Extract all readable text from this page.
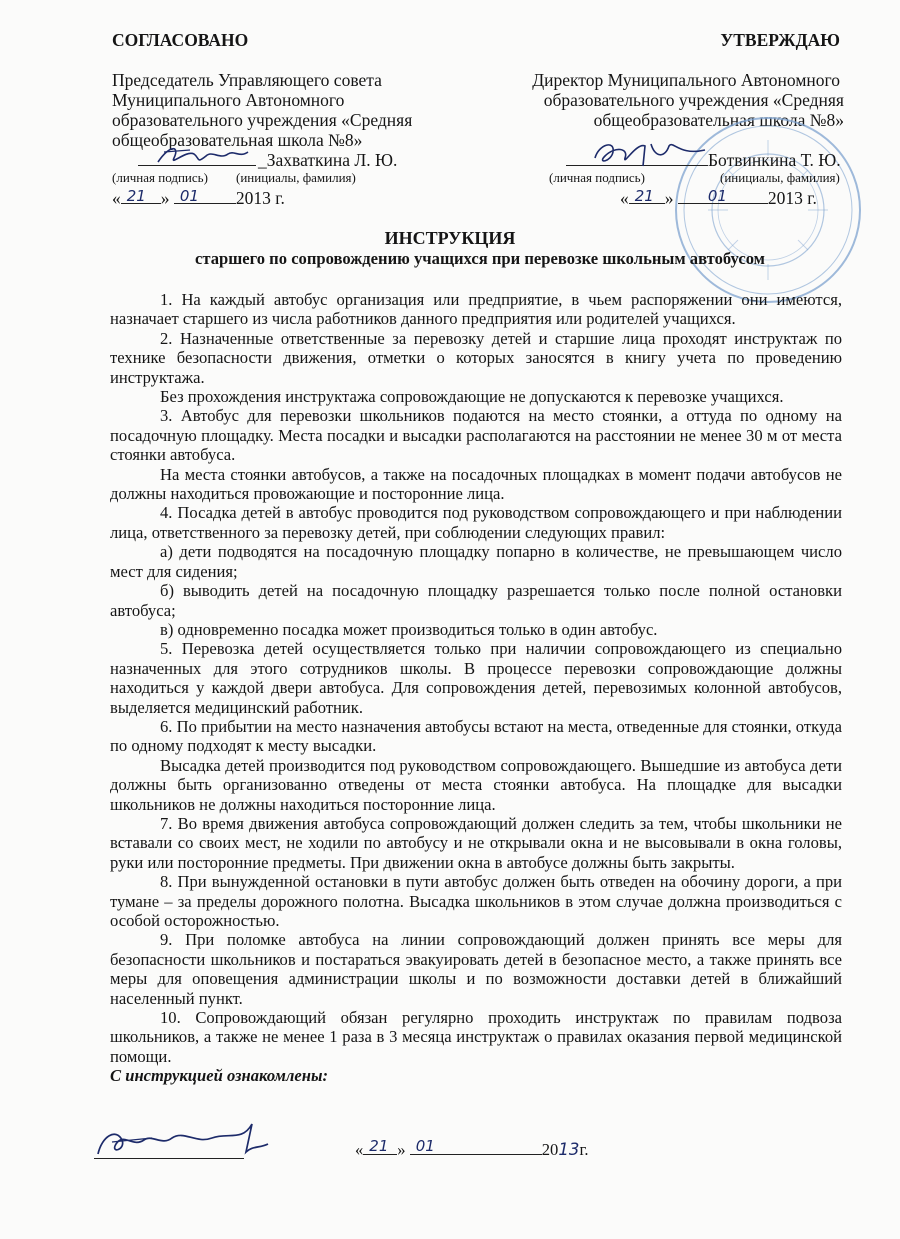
СОГЛАСОВАНО
Председатель Управляющего совета
Муниципального Автономного
образовательного учреждения «Средняя
общеобразовательная школа №8»
_Захваткина Л. Ю.
(личная подпись) (инициалы, фамилия)
« 21 » 01 2013 г.
УТВЕРЖДАЮ
Директор Муниципального Автономного
образовательного учреждения «Средняя
общеобразовательная школа №8»
Ботвинкина Т. Ю.
(личная подпись)	(инициалы, фамилия)
« 21 » 01 2013 г.
ИНСТРУКЦИЯ
старшего по сопровождению учащихся при перевозке школьным автобусом

1. На каждый автобус организация или предприятие, в чьем распоряжении они имеются, назначает старшего из числа работников данного предприятия или родителей учащихся.

2. Назначенные ответственные за перевозку детей и старшие лица проходят инструктаж по технике безопасности движения, отметки о которых заносятся в книгу учета по проведению инструктажа.

Без прохождения инструктажа сопровождающие не допускаются к перевозке учащихся.

3. Автобус для перевозки школьников подаются на место стоянки, а оттуда по одному на посадочную площадку. Места посадки и высадки располагаются на расстоянии не менее 30 м от места стоянки автобуса.

На места стоянки автобусов, а также на посадочных площадках в момент подачи автобусов не должны находиться провожающие и посторонние лица.

4. Посадка детей в автобус проводится под руководством сопровождающего и при наблюдении лица, ответственного за перевозку детей, при соблюдении следующих правил:

а) дети подводятся на посадочную площадку попарно в количестве, не превышающем число мест для сидения;

б) выводить детей на посадочную площадку разрешается только после полной остановки автобуса;

в) одновременно посадка может производиться только в один автобус.

5. Перевозка детей осуществляется только при наличии сопровождающего из специально назначенных для этого сотрудников школы. В процессе перевозки сопровождающие должны находиться у каждой двери автобуса. Для сопровождения детей, перевозимых колонной автобусов, выделяется медицинский работник.

6. По прибытии на место назначения автобусы встают на места, отведенные для стоянки, откуда по одному подходят к месту высадки.

Высадка детей производится под руководством сопровождающего. Вышедшие из автобуса дети должны быть организованно отведены от места стоянки автобуса. На площадке для высадки школьников не должны находиться посторонние лица.

7. Во время движения автобуса сопровождающий должен следить за тем, чтобы школьники не вставали со своих мест, не ходили по автобусу и не открывали окна и не высовывали в окна головы, руки или посторонние предметы. При движении окна в автобусе должны быть закрыты.

8. При вынужденной остановки в пути автобус должен быть отведен на обочину дороги, а при тумане – за пределы дорожного полотна. Высадка школьников в этом случае должна производиться с особой осторожностью.

9. При поломке автобуса на линии сопровождающий должен принять все меры для безопасности школьников и постараться эвакуировать детей в безопасное место, а также принять все меры для оповещения администрации школы и по возможности доставки детей в ближайший населенный пункт.

10. Сопровождающий обязан регулярно проходить инструктаж по правилам подвоза школьников, а также не менее 1 раза в 3 месяца инструктаж о правилах оказания первой медицинской помощи.

С инструкцией ознакомлены:

« 21 » 01	2013г.
